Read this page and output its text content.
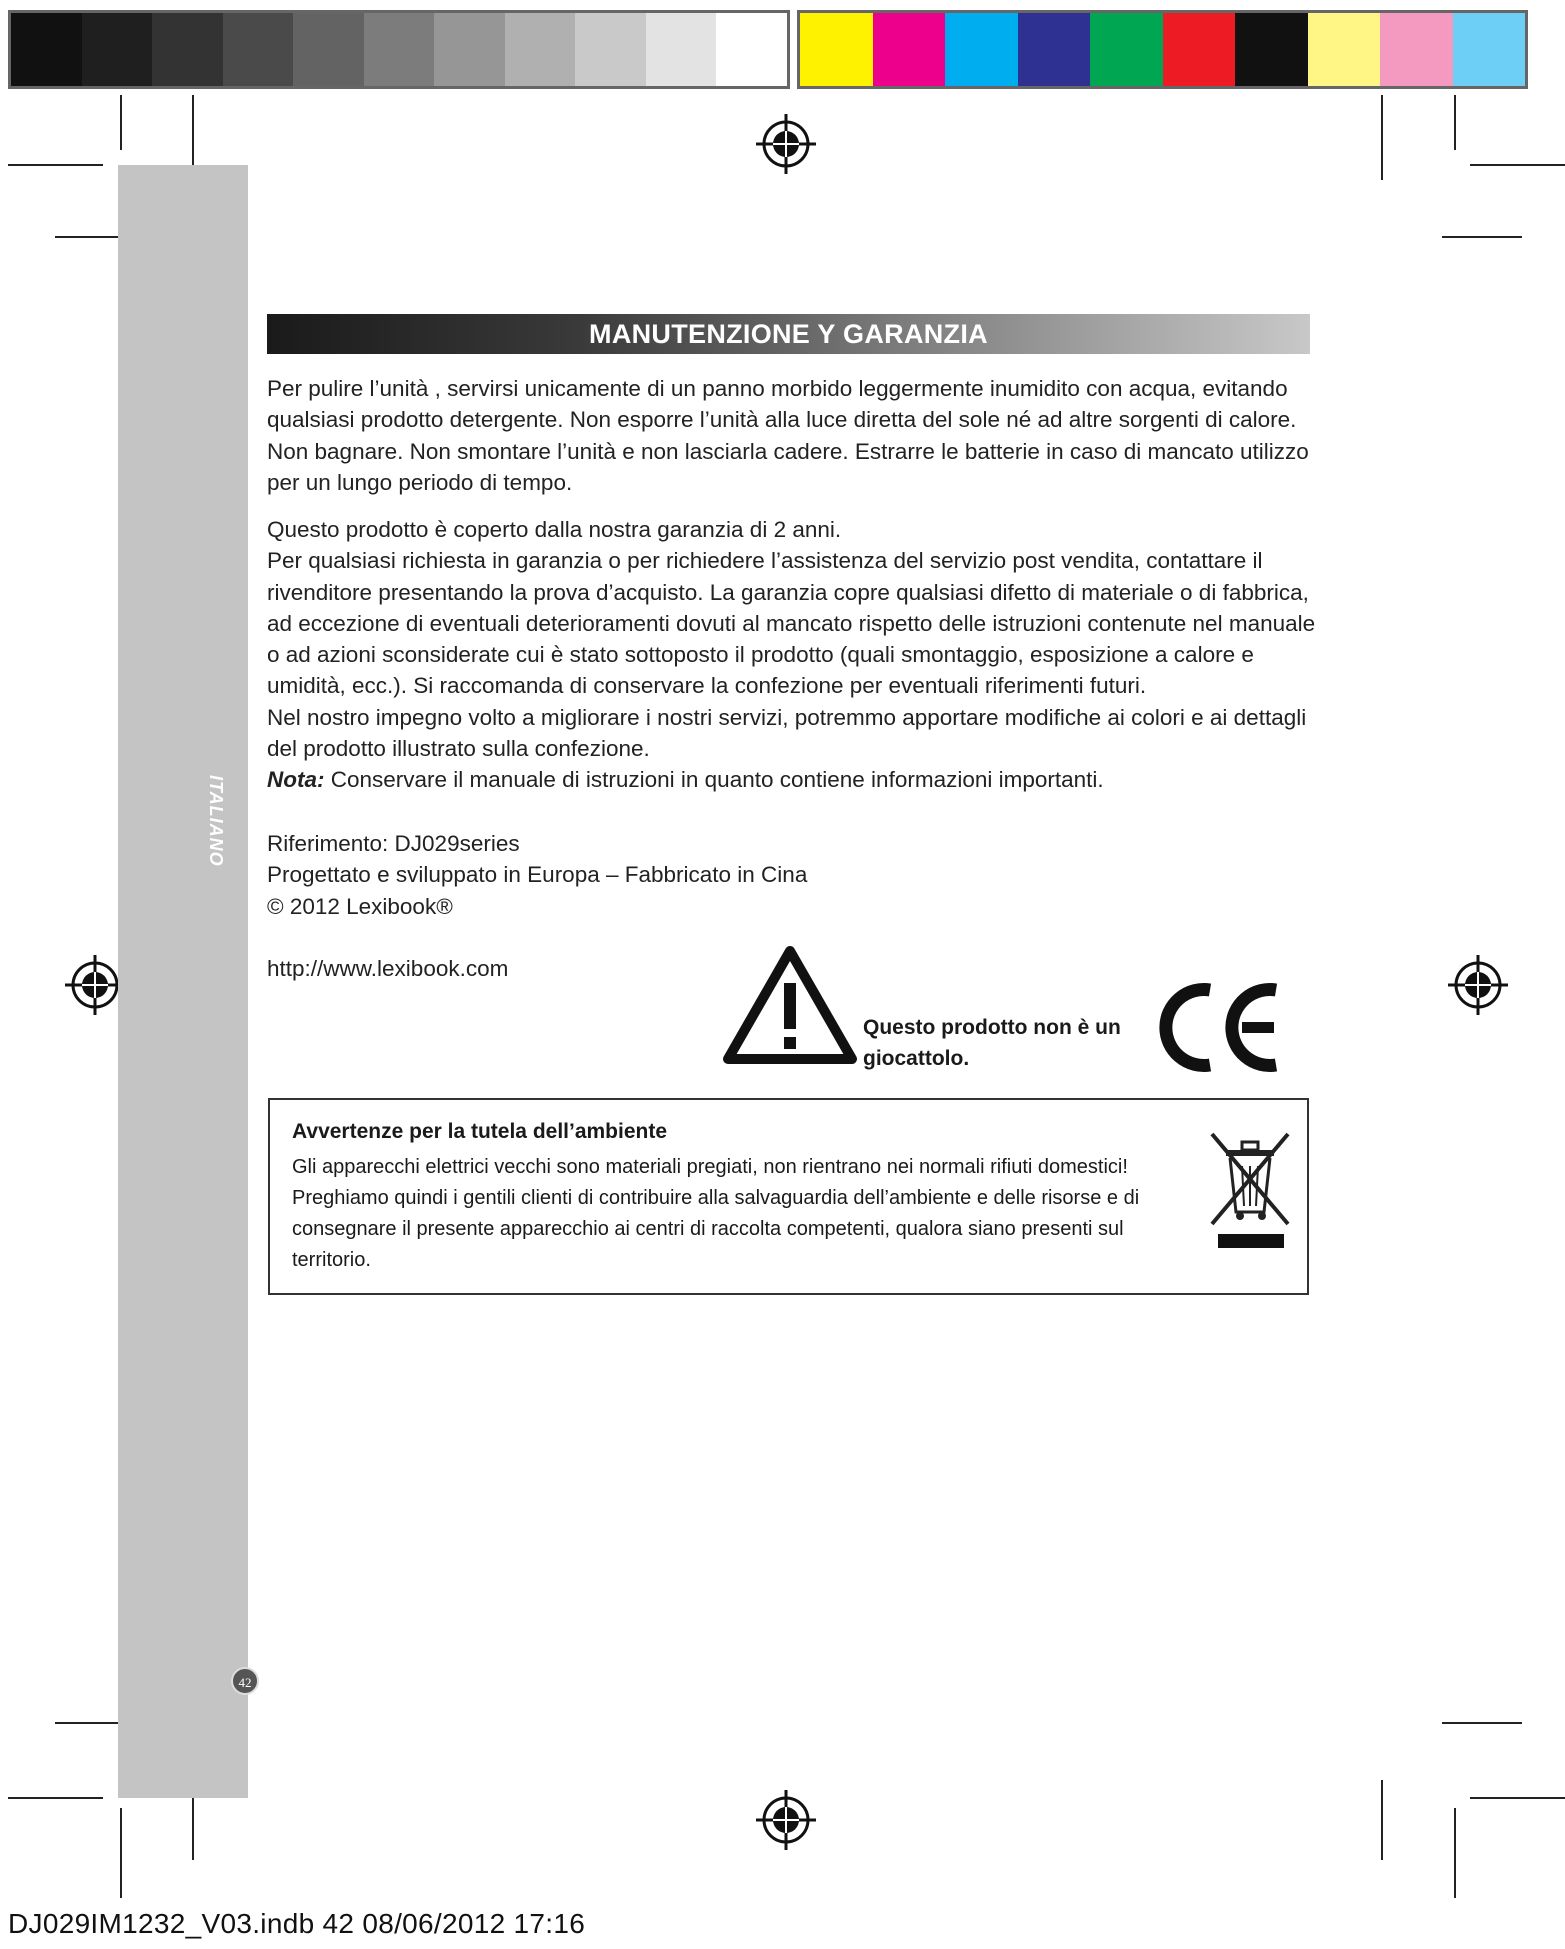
ITALIANO
42
MANUTENZIONE Y GARANZIA

Per pulire l’unità , servirsi unicamente di un panno morbido leggermente inumidito con acqua, evitando qualsiasi prodotto detergente. Non esporre l’unità alla luce diretta del sole né ad altre sorgenti di calore. Non bagnare. Non smontare l’unità e non lasciarla cadere. Estrarre le batterie in caso di mancato utilizzo per un lungo periodo di tempo.

Questo prodotto è coperto dalla nostra garanzia di 2 anni.

Per qualsiasi richiesta in garanzia o per richiedere l’assistenza del servizio post vendita, contattare il rivenditore presentando la prova d’acquisto. La garanzia copre qualsiasi difetto di materiale o di fabbrica, ad eccezione di eventuali deterioramenti dovuti al mancato rispetto delle istruzioni contenute nel manuale o ad azioni sconsiderate cui è stato sottoposto il prodotto (quali smontaggio, esposizione a calore e umidità, ecc.). Si raccomanda di conservare la confezione per eventuali riferimenti futuri.

Nel nostro impegno volto a migliorare i nostri servizi, potremmo apportare modifiche ai colori e ai dettagli del prodotto illustrato sulla confezione.

Nota: Conservare il manuale di istruzioni in quanto contiene informazioni importanti.

Riferimento: DJ029series

Progettato e sviluppato in Europa – Fabbricato in Cina

© 2012 Lexibook®

http://www.lexibook.com
Questo prodotto non è un
giocattolo.
Avvertenze per la tutela dell’ambiente
Gli apparecchi elettrici vecchi sono materiali pregiati, non rientrano nei normali rifiuti domestici! Preghiamo quindi i gentili clienti di contribuire alla salvaguardia dell’ambiente e delle risorse e di consegnare il presente apparecchio ai centri di raccolta competenti, qualora siano presenti sul territorio.
DJ029IM1232_V03.indb 42 08/06/2012 17:16
